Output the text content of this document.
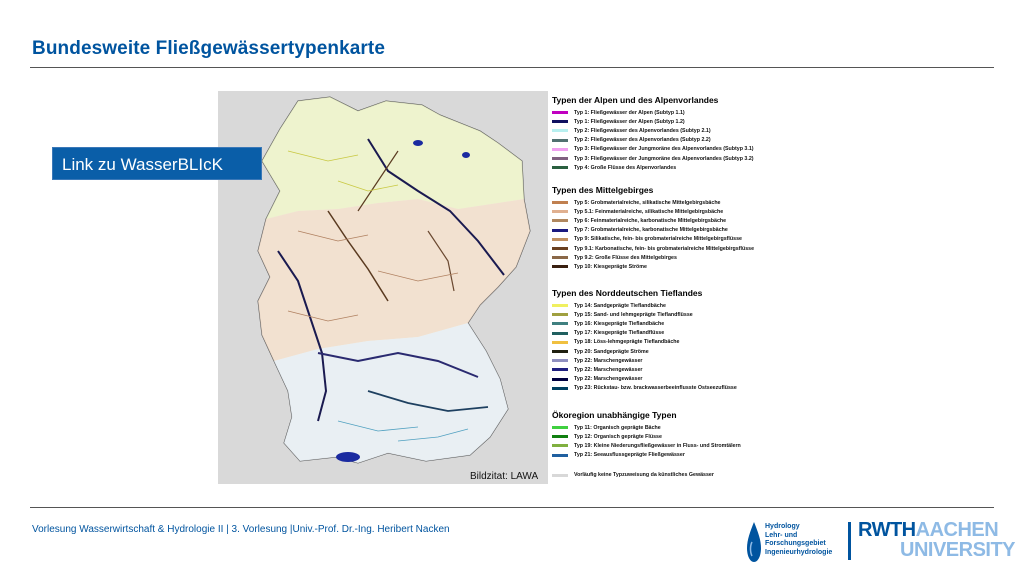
Bundesweite Fließgewässertypenkarte
Bildzitat: LAWA
Link zu WasserBLIcK
Typen der Alpen und des Alpenvorlandes
Typ 1: Fließgewässer der Alpen (Subtyp 1.1)
Typ 1: Fließgewässer der Alpen (Subtyp 1.2)
Typ 2: Fließgewässer des Alpenvorlandes (Subtyp 2.1)
Typ 2: Fließgewässer des Alpenvorlandes (Subtyp 2.2)
Typ 3: Fließgewässer der Jungmoräne des Alpenvorlandes (Subtyp 3.1)
Typ 3: Fließgewässer der Jungmoräne des Alpenvorlandes (Subtyp 3.2)
Typ 4: Große Flüsse des Alpenvorlandes
Typen des Mittelgebirges
Typ 5: Grobmaterialreiche, silikatische Mittelgebirgsbäche
Typ 5.1: Feinmaterialreiche, silikatische Mittelgebirgsbäche
Typ 6: Feinmaterialreiche, karbonatische Mittelgebirgsbäche
Typ 7: Grobmaterialreiche, karbonatische Mittelgebirgsbäche
Typ 9: Silikatische, fein- bis grobmaterialreiche Mittelgebirgsflüsse
Typ 9.1: Karbonatische, fein- bis grobmaterialreiche Mittelgebirgsflüsse
Typ 9.2: Große Flüsse des Mittelgebirges
Typ 10: Kiesgeprägte Ströme
Typen des Norddeutschen Tieflandes
Typ 14: Sandgeprägte Tieflandbäche
Typ 15: Sand- und lehmgeprägte Tieflandflüsse
Typ 16: Kiesgeprägte Tieflandbäche
Typ 17: Kiesgeprägte Tieflandflüsse
Typ 18: Löss-lehmgeprägte Tieflandbäche
Typ 20: Sandgeprägte Ströme
Typ 22: Marschengewässer
Typ 22: Marschengewässer
Typ 22: Marschengewässer
Typ 23: Rückstau- bzw. brackwasserbeeinflusste Ostseezuflüsse
Ökoregion unabhängige Typen
Typ 11: Organisch geprägte Bäche
Typ 12: Organisch geprägte Flüsse
Typ 19: Kleine Niederungsfließgewässer in Fluss- und Stromtälern
Typ 21: Seeausflussgeprägte Fließgewässer
Vorläufig keine Typzuweisung da künstliches Gewässer
Vorlesung Wasserwirtschaft & Hydrologie II | 3. Vorlesung |Univ.-Prof. Dr.-Ing. Heribert Nacken	Hydrology
Lehr- und
Forschungsgebiet
Ingenieurhydrologie
RWTHAACHEN
UNIVERSITY
